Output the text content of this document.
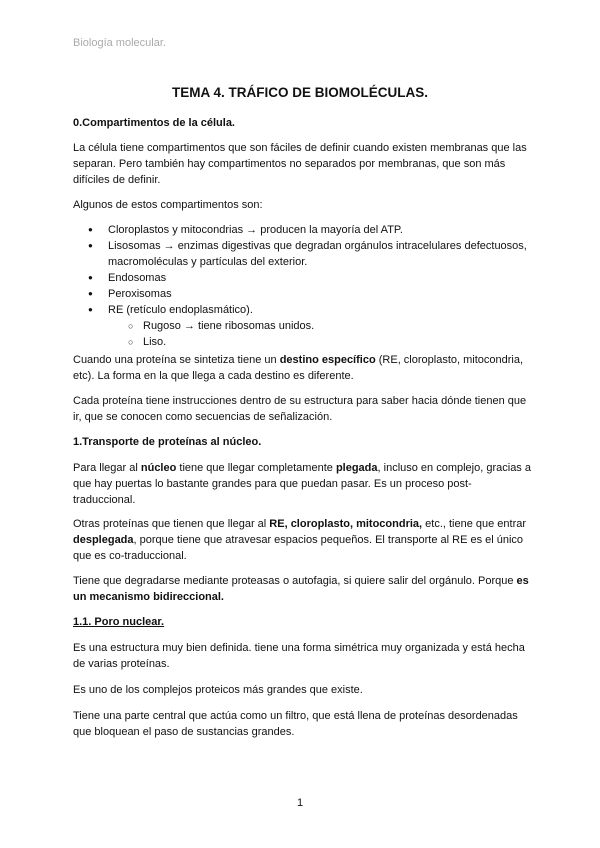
Biología molecular.
TEMA 4. TRÁFICO DE BIOMOLÉCULAS.
0.Compartimentos de la célula.
La célula tiene compartimentos que son fáciles de definir cuando existen membranas que las separan. Pero también hay compartimentos no separados por membranas, que son más difíciles de definir.
Algunos de estos compartimentos son:
● Cloroplastos y mitocondrias → producen la mayoría del ATP.
● Lisosomas → enzimas digestivas que degradan orgánulos intracelulares defectuosos, macromoléculas y partículas del exterior.
● Endosomas
● Peroxisomas
● RE (retículo endoplasmático).
○ Rugoso → tiene ribosomas unidos.
○ Liso.
Cuando una proteína se sintetiza tiene un destino específico (RE, cloroplasto, mitocondria, etc). La forma en la que llega a cada destino es diferente.
Cada proteína tiene instrucciones dentro de su estructura para saber hacia dónde tienen que ir, que se conocen como secuencias de señalización.
1.Transporte de proteínas al núcleo.
Para llegar al núcleo tiene que llegar completamente plegada, incluso en complejo, gracias a que hay puertas lo bastante grandes para que puedan pasar. Es un proceso post-traduccional.
Otras proteínas que tienen que llegar al RE, cloroplasto, mitocondria, etc., tiene que entrar desplegada, porque tiene que atravesar espacios pequeños. El transporte al RE es el único que es co-traduccional.
Tiene que degradarse mediante proteasas o autofagia, si quiere salir del orgánulo. Porque es un mecanismo bidireccional.
1.1. Poro nuclear.
Es una estructura muy bien definida. tiene una forma simétrica muy organizada y está hecha de varias proteínas.
Es uno de los complejos proteicos más grandes que existe.
Tiene una parte central que actúa como un filtro, que está llena de proteínas desordenadas que bloquean el paso de sustancias grandes.
1
